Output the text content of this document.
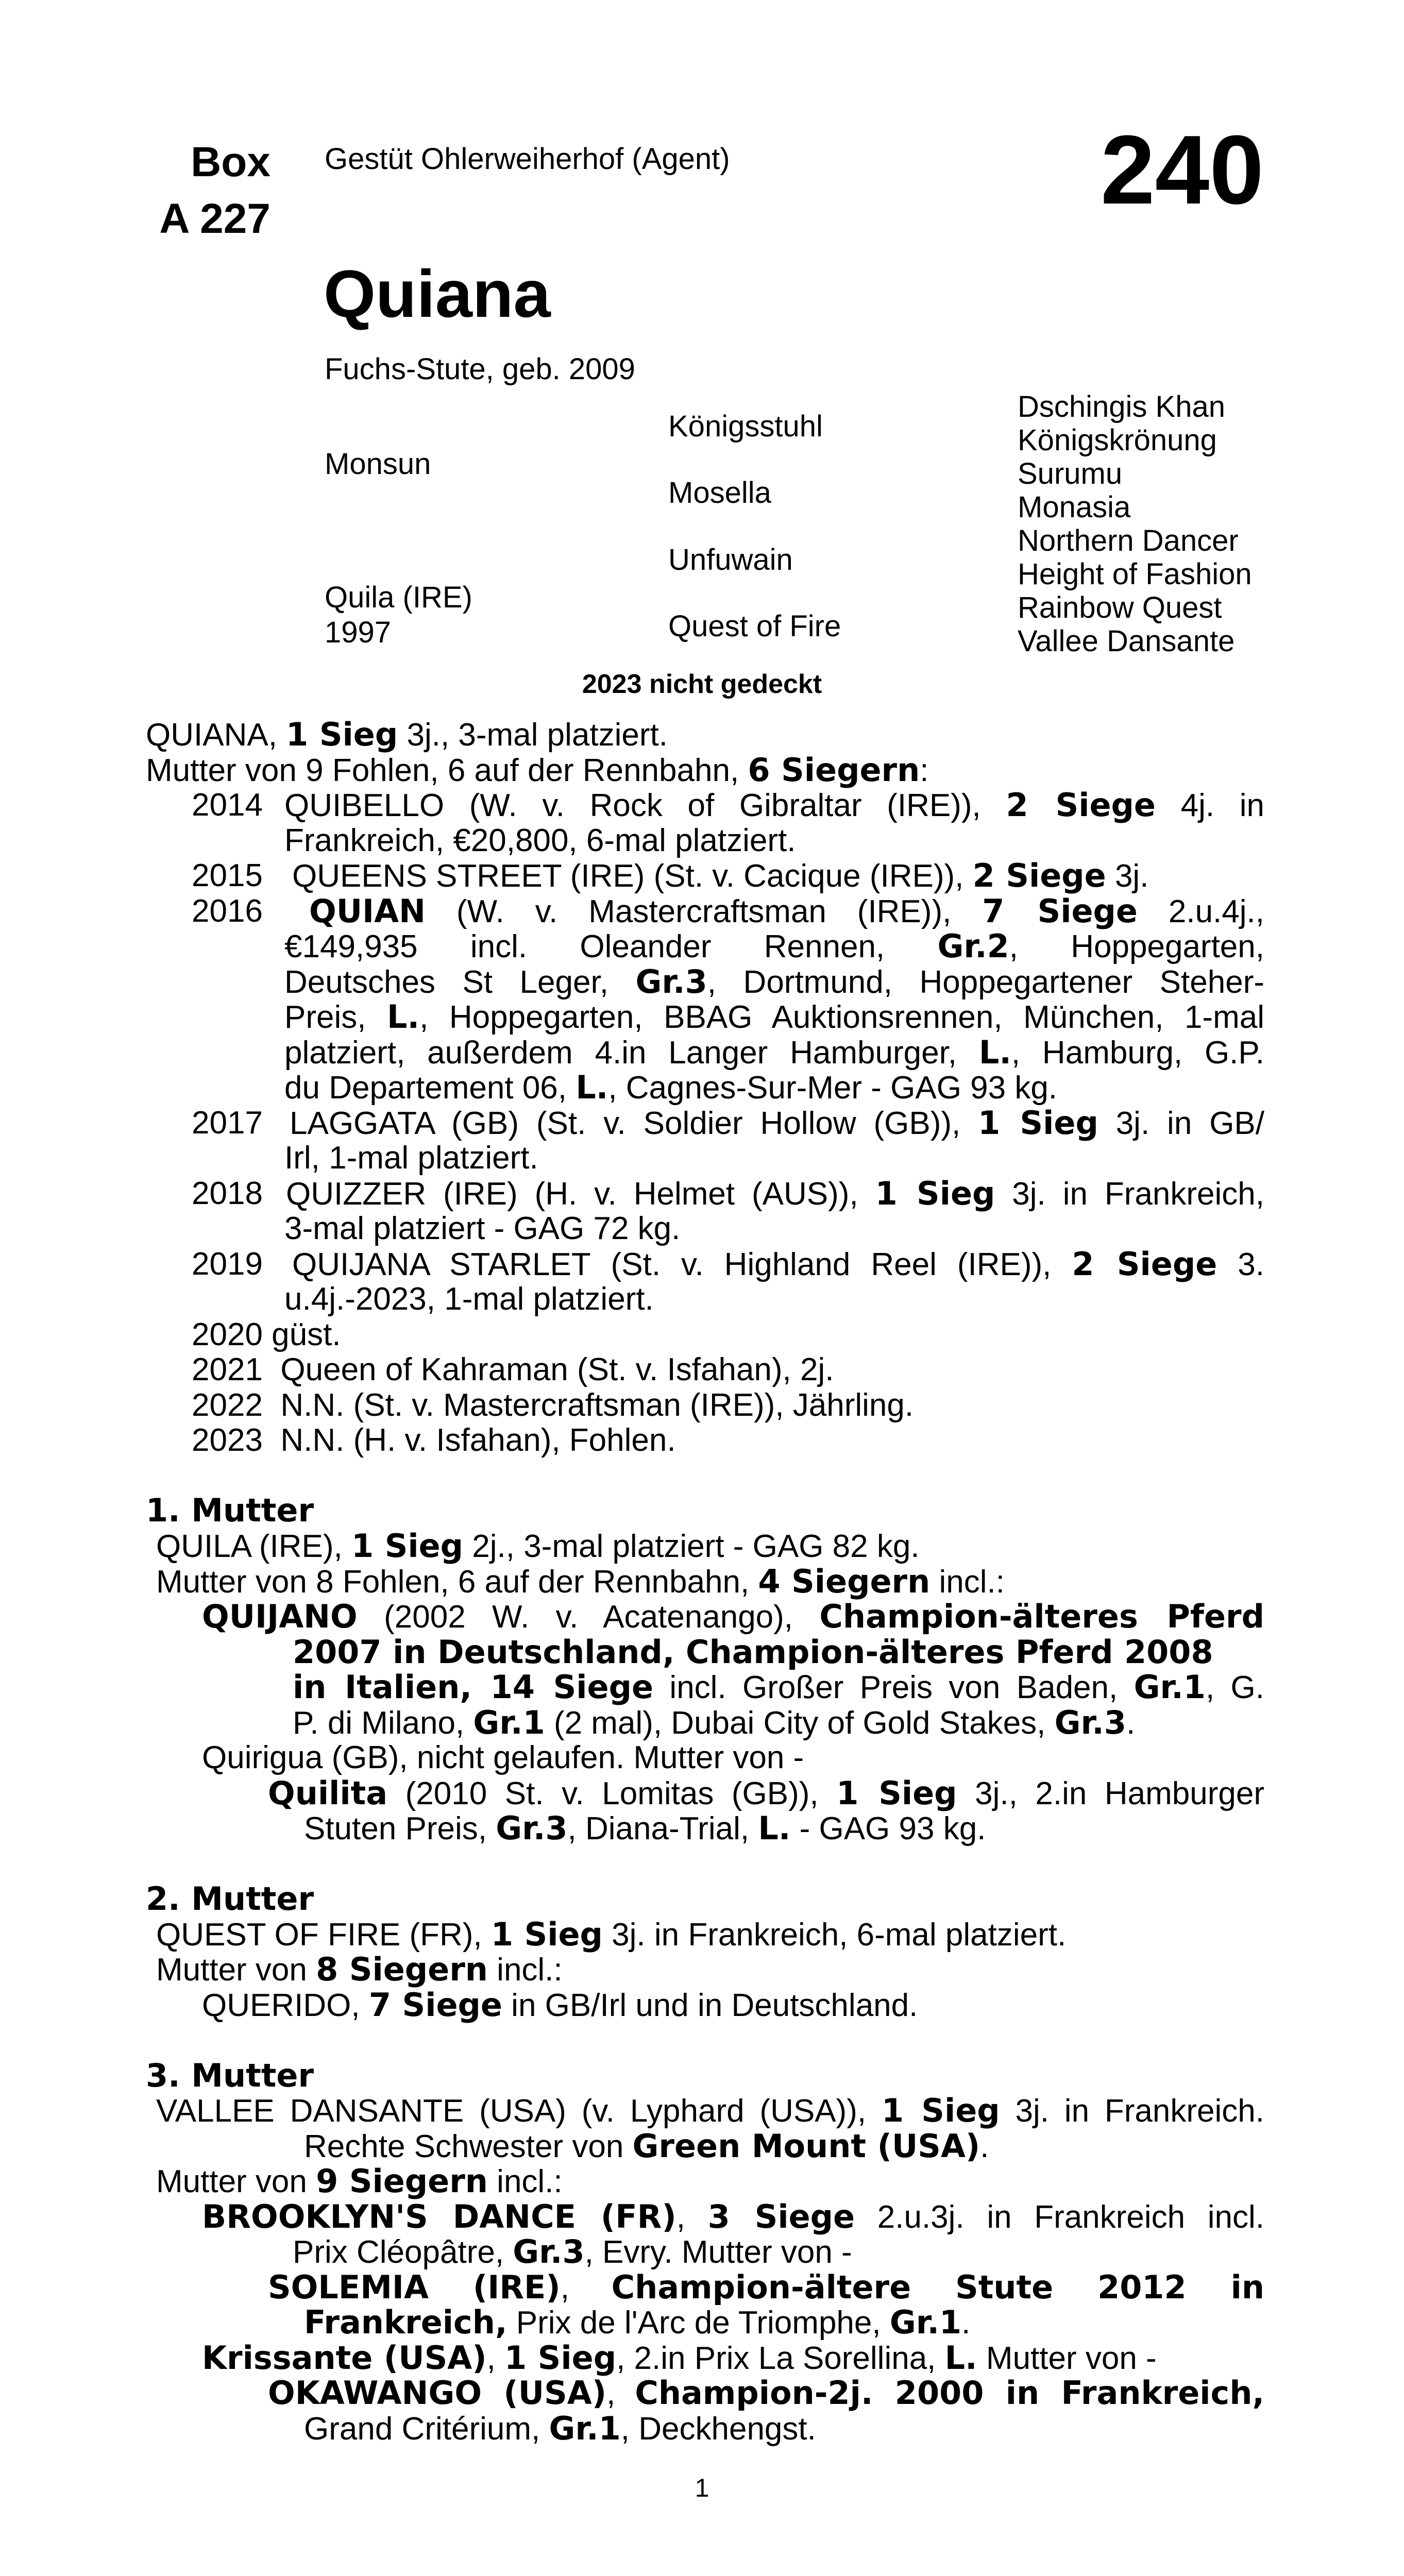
Box
A 227
Gestüt Ohlerweiherhof (Agent)	240
Quiana
Fuchs-Stute, geb. 2009
Monsun
Quila (IRE)
1997
Königsstuhl
Mosella
Unfuwain
Quest of Fire
Dschingis Khan
Königskrönung
Surumu
Monasia
Northern Dancer
Height of Fashion
Rainbow Quest
Vallee Dansante
2023 nicht gedeckt
QUIANA, 1 Sieg 3j., 3-mal platziert.
Mutter von 9 Fohlen, 6 auf der Rennbahn, 6 Siegern:
2014 QUIBELLO (W. v. Rock of Gibraltar (IRE)), 2 Siege 4j. in
Frankreich, €20,800, 6-mal platziert.
2015 QUEENS STREET (IRE) (St. v. Cacique (IRE)), 2 Siege 3j.
2016 QUIAN (W. v. Mastercraftsman (IRE)), 7 Siege 2.u.4j.,
€149,935 incl. Oleander Rennen, Gr.2, Hoppegarten,
Deutsches St Leger, Gr.3, Dortmund, Hoppegartener Steher-
Preis, L., Hoppegarten, BBAG Auktionsrennen, München, 1-mal
platziert, außerdem 4.in Langer Hamburger, L., Hamburg, G.P.
du Departement 06, L., Cagnes-Sur-Mer - GAG 93 kg.
2017 LAGGATA (GB) (St. v. Soldier Hollow (GB)), 1 Sieg 3j. in GB/
Irl, 1-mal platziert.
2018 QUIZZER (IRE) (H. v. Helmet (AUS)), 1 Sieg 3j. in Frankreich,
3-mal platziert - GAG 72 kg.
2019 QUIJANA STARLET (St. v. Highland Reel (IRE)), 2 Siege 3.
u.4j.-2023, 1-mal platziert.
2020 güst.
2021  Queen of Kahraman (St. v. Isfahan), 2j.
2022  N.N. (St. v. Mastercraftsman (IRE)), Jährling.
2023  N.N. (H. v. Isfahan), Fohlen.
1. Mutter
QUILA (IRE), 1 Sieg 2j., 3-mal platziert - GAG 82 kg.
Mutter von 8 Fohlen, 6 auf der Rennbahn, 4 Siegern incl.:
QUIJANO (2002 W. v. Acatenango), Champion-älteres Pferd
2007 in Deutschland, Champion-älteres Pferd 2008
in Italien, 14 Siege incl. Großer Preis von Baden, Gr.1, G.
P. di Milano, Gr.1 (2 mal), Dubai City of Gold Stakes, Gr.3.
Quirigua (GB), nicht gelaufen. Mutter von -
Quilita (2010 St. v. Lomitas (GB)), 1 Sieg 3j., 2.in Hamburger
Stuten Preis, Gr.3, Diana-Trial, L. - GAG 93 kg.
2. Mutter
QUEST OF FIRE (FR), 1 Sieg 3j. in Frankreich, 6-mal platziert.
Mutter von 8 Siegern incl.:
QUERIDO, 7 Siege in GB/Irl und in Deutschland.
3. Mutter
VALLEE DANSANTE (USA) (v. Lyphard (USA)), 1 Sieg 3j. in Frankreich.
Rechte Schwester von Green Mount (USA).
Mutter von 9 Siegern incl.:
BROOKLYN'S DANCE (FR), 3 Siege 2.u.3j. in Frankreich incl.
Prix Cléopâtre, Gr.3, Evry. Mutter von -
SOLEMIA (IRE), Champion-ältere Stute 2012 in
Frankreich, Prix de l'Arc de Triomphe, Gr.1.
Krissante (USA), 1 Sieg, 2.in Prix La Sorellina, L. Mutter von -
OKAWANGO (USA), Champion-2j. 2000 in Frankreich,
Grand Critérium, Gr.1, Deckhengst.
1
